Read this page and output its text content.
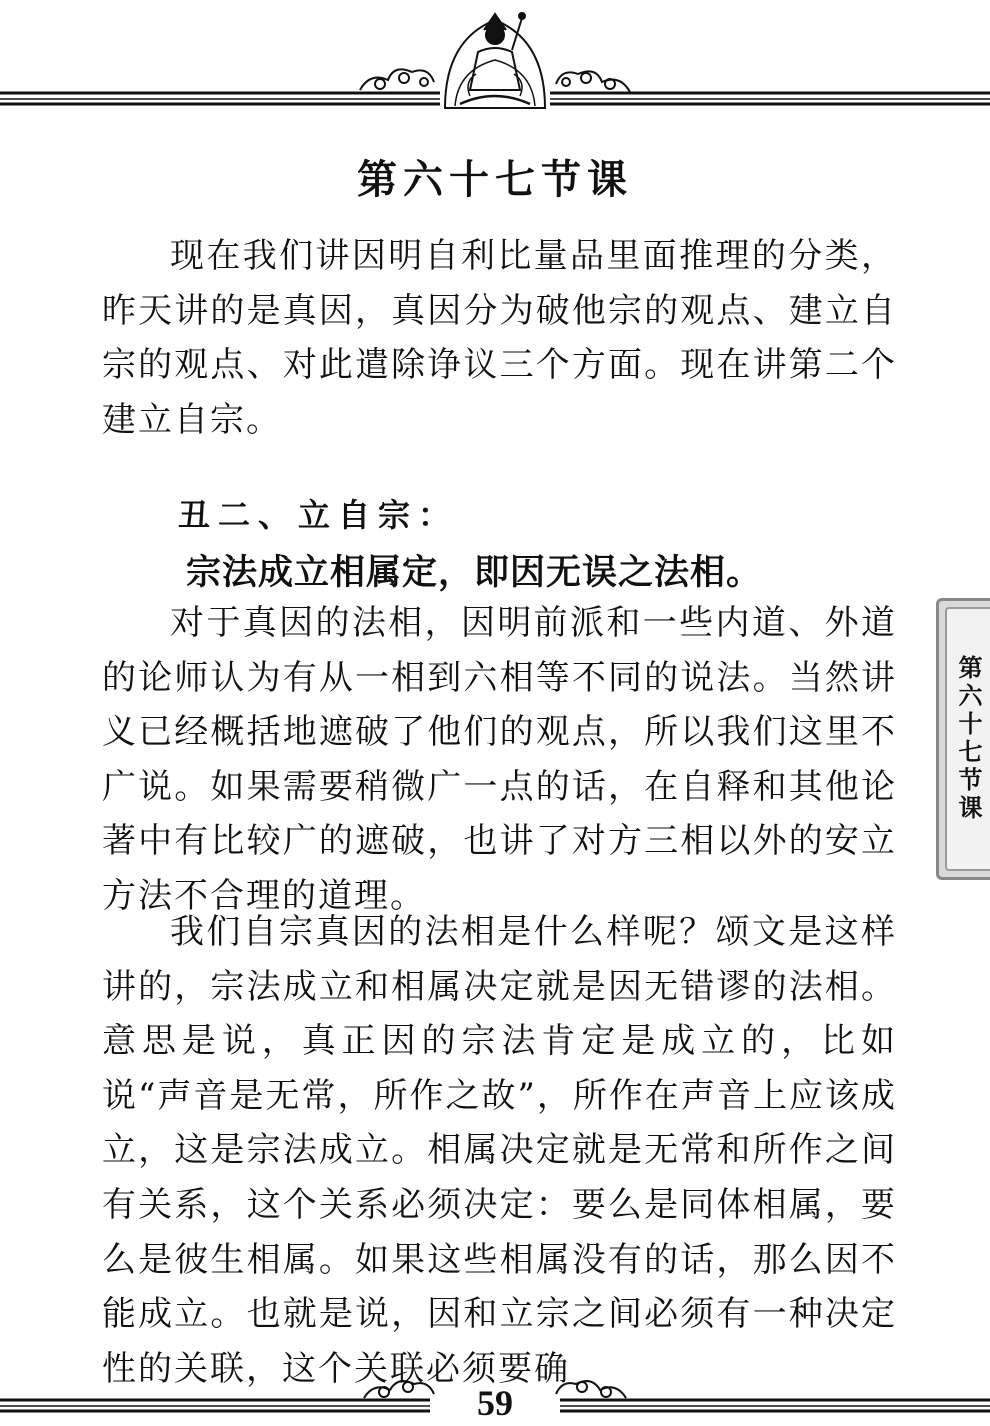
第六十七节课

现在我们讲因明自利比量品里面推理的分类，昨天讲的是真因，真因分为破他宗的观点、建立自宗的观点、对此遣除诤议三个方面。现在讲第二个建立自宗。

丑二、立自宗：

宗法成立相属定，即因无误之法相。

对于真因的法相，因明前派和一些内道、外道的论师认为有从一相到六相等不同的说法。当然讲义已经概括地遮破了他们的观点，所以我们这里不广说。如果需要稍微广一点的话，在自释和其他论著中有比较广的遮破，也讲了对方三相以外的安立方法不合理的道理。

我们自宗真因的法相是什么样呢？颂文是这样讲的，宗法成立和相属决定就是因无错谬的法相。意思是说，真正因的宗法肯定是成立的，比如说“声音是无常，所作之故”，所作在声音上应该成立，这是宗法成立。相属决定就是无常和所作之间有关系，这个关系必须决定：要么是同体相属，要么是彼生相属。如果这些相属没有的话，那么因不能成立。也就是说，因和立宗之间必须有一种决定性的关联，这个关联必须要确

第六十七节课

59
